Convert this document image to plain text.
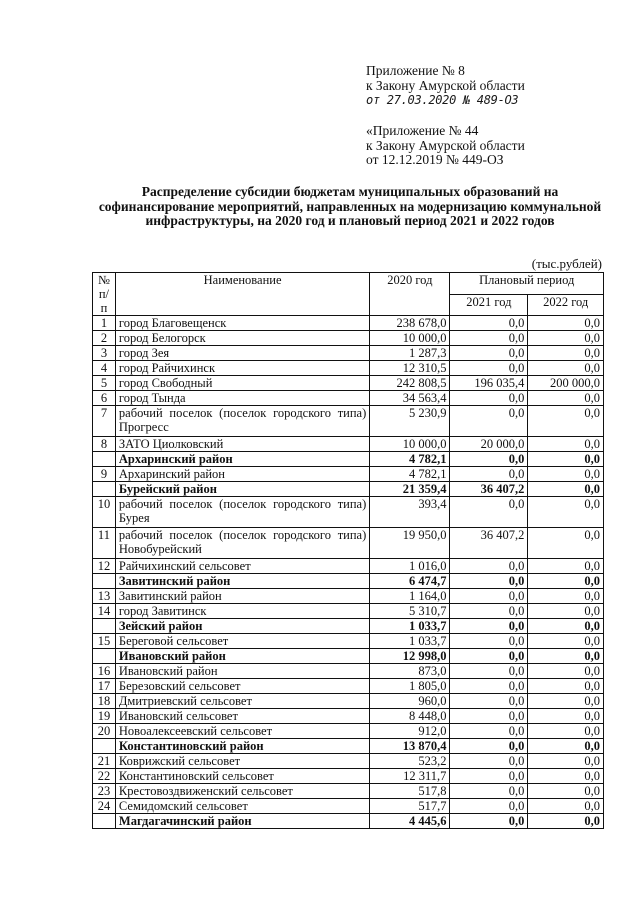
Приложение № 8
к Закону Амурской области
от 27.03.2020 № 489-ОЗ
«Приложение № 44
к Закону Амурской области
от 12.12.2019 № 449-ОЗ
Распределение субсидии бюджетам муниципальных образований на софинансирование мероприятий, направленных на модернизацию коммунальной инфраструктуры, на 2020 год и плановый период 2021 и 2022 годов
(тыс.рублей)
№
п/п	Наименование	2020 год	Плановый период	
			2021 год	2022 год
1	город Благовещенск	238 678,0	0,0	0,0
2	город Белогорск	10 000,0	0,0	0,0
3	город Зея	1 287,3	0,0	0,0
4	город Райчихинск	12 310,5	0,0	0,0
5	город Свободный	242 808,5	196 035,4	200 000,0
6	город Тында	34 563,4	0,0	0,0
7	рабочий поселок (поселок городского типа) Прогресс	5 230,9	0,0	0,0
8	ЗАТО Циолковский	10 000,0	20 000,0	0,0
	Архаринский район	4 782,1	0,0	0,0
9	Архаринский район	4 782,1	0,0	0,0
	Бурейский район	21 359,4	36 407,2	0,0
10	рабочий поселок (поселок городского типа) Бурея	393,4	0,0	0,0
11	рабочий поселок (поселок городского типа) Новобурейский	19 950,0	36 407,2	0,0
12	Райчихинский сельсовет	1 016,0	0,0	0,0
	Завитинский район	6 474,7	0,0	0,0
13	Завитинский район	1 164,0	0,0	0,0
14	город Завитинск	5 310,7	0,0	0,0
	Зейский район	1 033,7	0,0	0,0
15	Береговой сельсовет	1 033,7	0,0	0,0
	Ивановский район	12 998,0	0,0	0,0
16	Ивановский район	873,0	0,0	0,0
17	Березовский сельсовет	1 805,0	0,0	0,0
18	Дмитриевский сельсовет	960,0	0,0	0,0
19	Ивановский сельсовет	8 448,0	0,0	0,0
20	Новоалексеевский сельсовет	912,0	0,0	0,0
	Константиновский район	13 870,4	0,0	0,0
21	Коврижский сельсовет	523,2	0,0	0,0
22	Константиновский сельсовет	12 311,7	0,0	0,0
23	Крестовоздвиженский сельсовет	517,8	0,0	0,0
24	Семидомский сельсовет	517,7	0,0	0,0
	Магдагачинский район	4 445,6	0,0	0,0
